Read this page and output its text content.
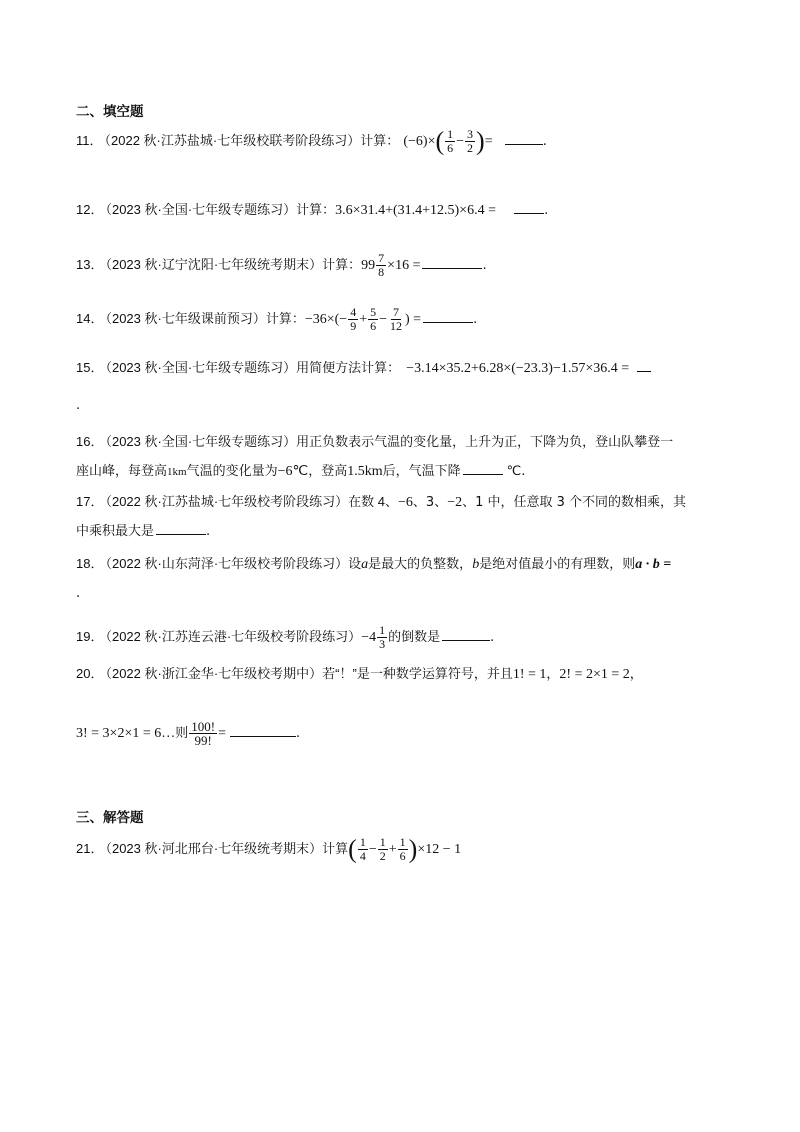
二、填空题
11． （2022 秋·江苏盐城·七年级校联考阶段练习）计算： $(-6)\times( \frac{1}{6} - \frac{3}{2}$ )=	.
12． （2023 秋·全国·七年级专题练习）计算：3.6×31.4+(31.4+12.5)×6.4 =	.
13． （2023 秋·辽宁沈阳·七年级统考期末）计算：$99 \frac{7}{8} \times 16$ =	.
14． （2023 秋·七年级课前预习）计算：$-36\times(- \frac{4}{9} + \frac{5}{6} - \frac{7}{12}$ ) =	.
15． （2023 秋·全国·七年级专题练习）用简便方法计算： −3.14×35.2+6.28×(−23.3)−1.57×36.4 =
.
16． （2023 秋·全国·七年级专题练习）用正负数表示气温的变化量，上升为正，下降为负，登山队攀登一
座山峰，每登高1km气温的变化量为−6℃，登高1.5km后，气温下降	℃.
17． （2022 秋·江苏盐城·七年级校考阶段练习）在数 4、−6、3、−2、1 中，任意取 3 个不同的数相乘，其
中乘积最大是	.
18． （2022 秋·山东菏泽·七年级校考阶段练习）设a是最大的负整数，b是绝对值最小的有理数，则a · b =
.
19． （2022 秋·江苏连云港·七年级校考阶段练习）$-4 \frac{1}{3}$ 的倒数是	.
20． （2022 秋·浙江金华·七年级校考期中）若“！”是一种数学运算符号，并且1! = 1，2! = 2×1 = 2，
3! = 3×2×1 = 6…则 $\frac{100!}{99!}$ =	.
三、解答题
21． （2023 秋·河北邢台·七年级统考期末）计算( $\frac{1}{4} - \frac{1}{2} + \frac{1}{6} )\times 12 - 1$
